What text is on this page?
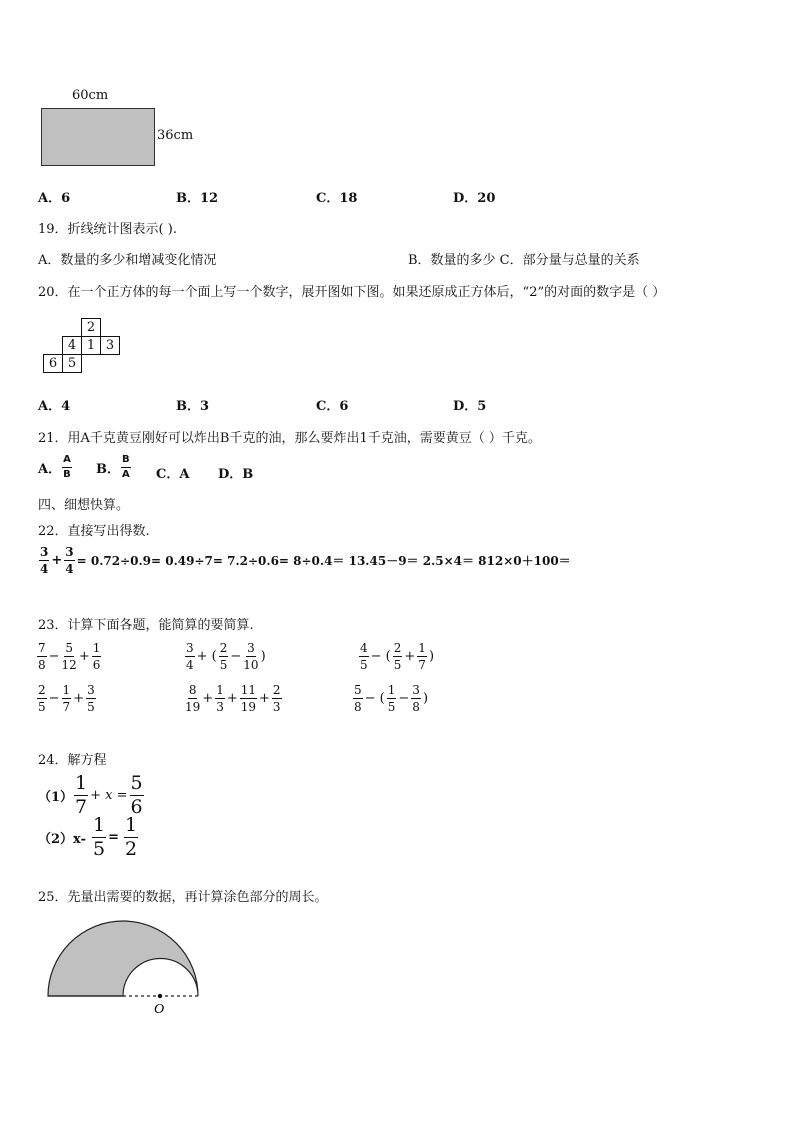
60cm
36cm
A．6	B．12	C．18	D．20
19．折线统计图表示( ).
A．数量的多少和增减变化情况	B．数量的多少 C．部分量与总量的关系
20．在一个正方体的每一个面上写一个数字，展开图如下图。如果还原成正方体后，“2”的对面的数字是（ ）
		2	
	4	1	3
6	5		
A．4	B．3	C．6	D．5
21．用A千克黄豆刚好可以炸出B千克的油，那么要炸出1千克油，需要黄豆（ ）千克。
A． $\frac{A}{B}$ B． $\frac{B}{A}$ C．A D．B
四、细想快算。
22．直接写出得数.
$\frac{3}{4} + \frac{3}{4} = 0.72\div 0.9= 0.49\div 7= 7.2\div 0.6= 8\div 0.4= 13.45-9= 2.5\times 4= 812\times 0+100=$
23．计算下面各题，能简算的要简算.
$\frac{7}{8} - \frac{5}{12} + \frac{1}{6}$	$\frac{3}{4}$ + ( $\frac{2}{5} - \frac{3}{10}$ )	$\frac{4}{5}$ − ( $\frac{2}{5} + \frac{1}{7}$ )
$\frac{2}{5} - \frac{1}{7} + \frac{3}{5}$	$\frac{8}{19} + \frac{1}{3} + \frac{11}{19} + \frac{2}{3}$	$\frac{5}{8}$ − ( $\frac{1}{5} - \frac{3}{8}$ )
24．解方程
$(1) \frac{1}{7} + x = \frac{5}{6}$
$(2)x- \frac{1}{5} = \frac{1}{2}$
25．先量出需要的数据，再计算涂色部分的周长。
O
